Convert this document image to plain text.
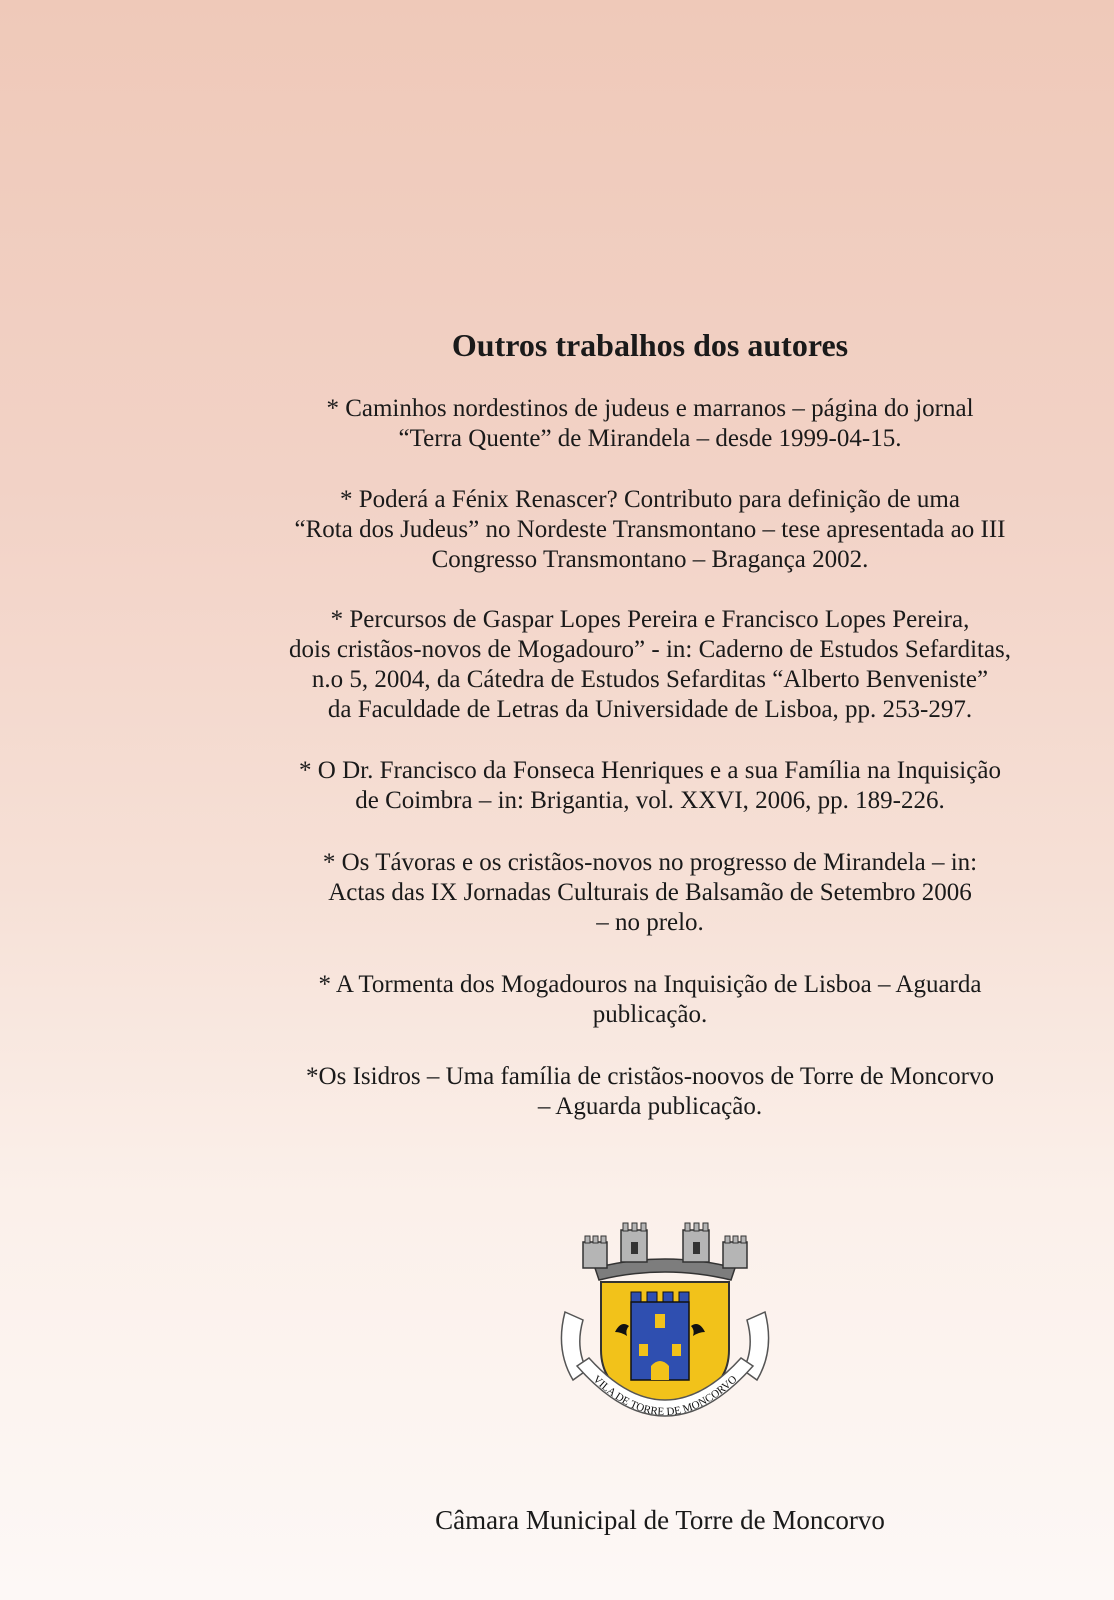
Outros trabalhos dos autores
* Caminhos nordestinos de judeus e marranos – página do jornal
“Terra Quente” de Mirandela – desde 1999-04-15.
* Poderá a Fénix Renascer? Contributo para definição de uma
“Rota dos Judeus” no Nordeste Transmontano – tese apresentada ao III
Congresso Transmontano – Bragança 2002.
* Percursos de Gaspar Lopes Pereira e Francisco Lopes Pereira,
dois cristãos-novos de Mogadouro” - in: Caderno de Estudos Sefarditas,
n.o 5, 2004, da Cátedra de Estudos Sefarditas “Alberto Benveniste”
da Faculdade de Letras da Universidade de Lisboa, pp. 253-297.
* O Dr. Francisco da Fonseca Henriques e a sua Família na Inquisição
de Coimbra – in: Brigantia, vol. XXVI, 2006, pp. 189-226.
* Os Távoras e os cristãos-novos no progresso de Mirandela – in:
Actas das IX Jornadas Culturais de Balsamão de Setembro 2006
– no prelo.
* A Tormenta dos Mogadouros na Inquisição de Lisboa – Aguarda
publicação.
*Os Isidros – Uma família de cristãos-noovos de Torre de Moncorvo
– Aguarda publicação.
VILA DE TORRE DE MONCORVO

Câmara Municipal de Torre de Moncorvo
